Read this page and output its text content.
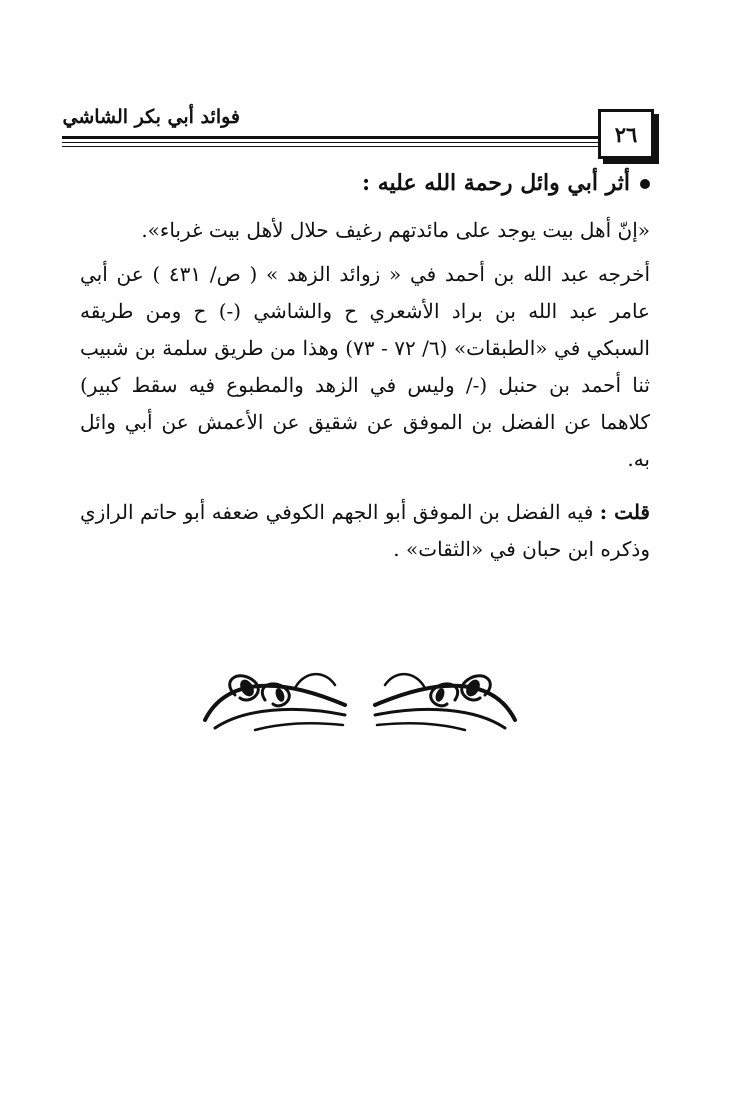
فوائد أبي بكر الشاشي
٢٦
أثر أبي وائل رحمة الله عليه :
«إنّ أهل بيت يوجد على مائدتهم رغيف حلال لأهل بيت غرباء».
أخرجه عبد الله بن أحمد في « زوائد الزهد » ( ص/ ٤٣١ ) عن أبي عامر عبد الله بن براد الأشعري ح والشاشي (-) ح ومن طريقه السبكي في «الطبقات» (٦/ ٧٢ - ٧٣) وهذا من طريق سلمة بن شبيب ثنا أحمد بن حنبل (-/ وليس في الزهد والمطبوع فيه سقط كبير) كلاهما عن الفضل بن الموفق عن شقيق عن الأعمش عن أبي وائل به.
قلت : فيه الفضل بن الموفق أبو الجهم الكوفي ضعفه أبو حاتم الرازي وذكره ابن حبان في «الثقات» .
